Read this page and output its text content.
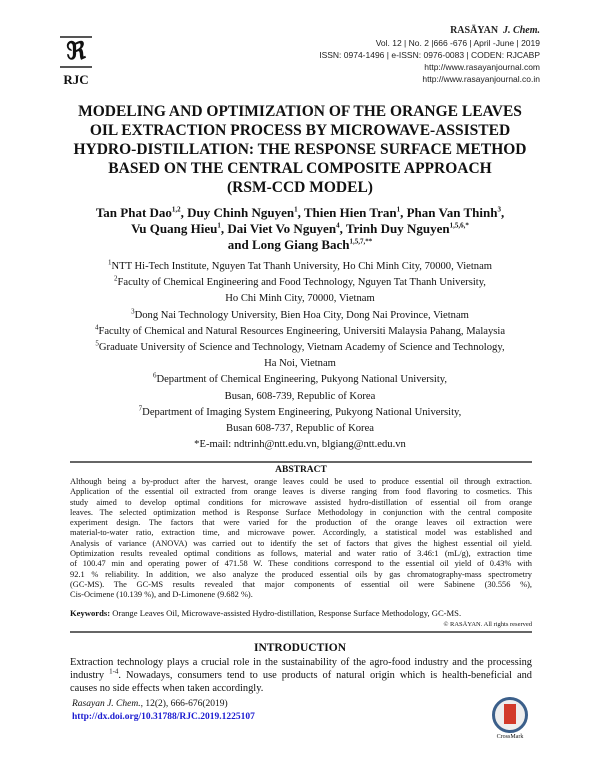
ℜ
RJC
RASĀYAN J. Chem.
Vol. 12 | No. 2 |666 -676 | April -June | 2019
ISSN: 0974-1496 | e-ISSN: 0976-0083 | CODEN: RJCABP
http://www.rasayanjournal.com
http://www.rasayanjournal.co.in
MODELING AND OPTIMIZATION OF THE ORANGE LEAVES
OIL EXTRACTION PROCESS BY MICROWAVE-ASSISTED
HYDRO-DISTILLATION: THE RESPONSE SURFACE METHOD
BASED ON THE CENTRAL COMPOSITE APPROACH
(RSM-CCD MODEL)
Tan Phat Dao$^{1,2}$, Duy Chinh Nguyen$^1$, Thien Hien Tran$^1$, Phan Van Thinh$^3$,
Vu Quang Hieu$^1$, Dai Viet Vo Nguyen$^4$, Trinh Duy Nguyen$^{1,5,6,*}$
and Long Giang Bach$^{1,5,7,**}$
$^1$NTT Hi-Tech Institute, Nguyen Tat Thanh University, Ho Chi Minh City, 70000, Vietnam
$^2$Faculty of Chemical Engineering and Food Technology, Nguyen Tat Thanh University,
Ho Chi Minh City, 70000, Vietnam
$^3$Dong Nai Technology University, Bien Hoa City, Dong Nai Province, Vietnam
$^4$Faculty of Chemical and Natural Resources Engineering, Universiti Malaysia Pahang, Malaysia
$^5$Graduate University of Science and Technology, Vietnam Academy of Science and Technology,
Ha Noi, Vietnam
$^6$Department of Chemical Engineering, Pukyong National University,
Busan, 608-739, Republic of Korea
$^7$Department of Imaging System Engineering, Pukyong National University,
Busan 608-737, Republic of Korea
*E-mail: ndtrinh@ntt.edu.vn, blgiang@ntt.edu.vn
ABSTRACT
Although being a by-product after the harvest, orange leaves could be used to produce essential oil through extraction.
Application of the essential oil extracted from orange leaves is diverse ranging from food flavoring to cosmetics. This
study aimed to develop optimal conditions for microwave assisted hydro-distillation of essential oil from orange
leaves. The selected optimization method is Response Surface Methodology in conjunction with the central composite
experiment design. The factors that were varied for the production of the orange leaves oil extraction were
material-to-water ratio, extraction time, and microwave power. Accordingly, a statistical model was established and
Analysis of variance (ANOVA) was carried out to identify the set of factors that gives the highest essential oil yield.
Optimization results revealed optimal conditions as follows, material and water ratio of 3.46:1 (mL/g), extraction time
of 100.47 min and operating power of 471.58 W. These conditions correspond to the essential oil yield of 0.43% with
92.1 % reliability. In addition, we also analyze the produced essential oils by gas chromatography-mass spectrometry
(GC-MS). The GC-MS results revealed that major components of essential oil were Sabinene (30.556 %),
Cis-Ocimene (10.139 %), and D-Limonene (9.682 %).
Keywords: Orange Leaves Oil, Microwave-assisted Hydro-distillation, Response Surface Methodology, GC-MS.
© RASĀYAN. All rights reserved
INTRODUCTION
Extraction technology plays a crucial role in the sustainability of the agro-food industry and the processing
industry $^{1-4}$. Nowadays, consumers tend to use products of natural origin which is health-beneficial and
causes no side effects when taken accordingly.
Rasayan J. Chem., 12(2), 666-676(2019)
http://dx.doi.org/10.31788/RJC.2019.1225107
CrossMark
